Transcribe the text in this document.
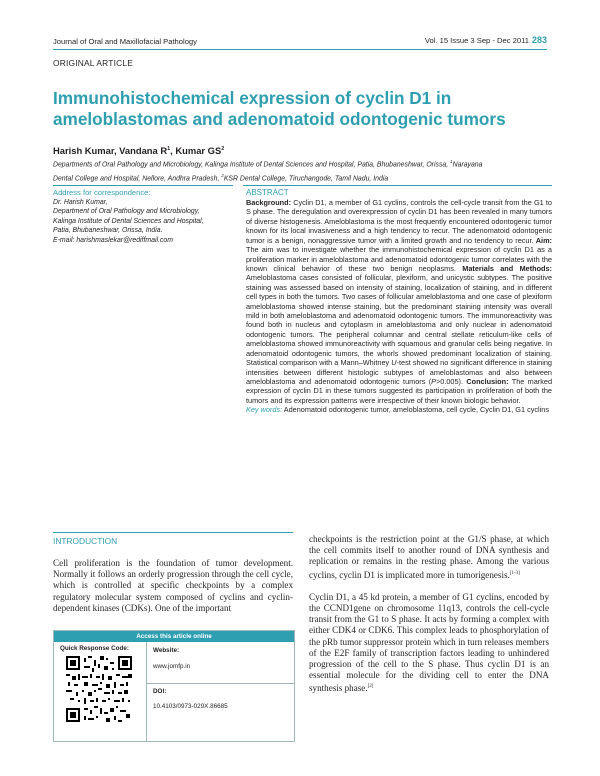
Journal of Oral and Maxillofacial Pathology	Vol. 15 Issue 3 Sep - Dec 2011 283
ORIGINAL ARTICLE
Immunohistochemical expression of cyclin D1 in
ameloblastomas and adenomatoid odontogenic tumors
Harish Kumar, Vandana $R^1$, Kumar $GS^2$
Departments of Oral Pathology and Microbiology, Kalinga Institute of Dental Sciences and Hospital, Patia, Bhubaneshwar, Orissa, $^1$Narayana
Dental College and Hospital, Nellore, Andhra Pradesh, $^2$KSR Dental College, Tiruchangode, Tamil Nadu, India
Address for correspondence:
Dr. Harish Kumar,
Department of Oral Pathology and Microbiology,
Kalinga Institute of Dental Sciences and Hospital,
Patia, Bhubaneshwar, Orissa, India.
E-mail: harishmaslekar@rediffmail.com
ABSTRACT
Background: Cyclin D1, a member of G1 cyclins, controls the cell-cycle transit from the G1 to S phase. The deregulation and overexpression of cyclin D1 has been revealed in many tumors of diverse histogenesis. Ameloblastoma is the most frequently encountered odontogenic tumor known for its local invasiveness and a high tendency to recur. The adenomatoid odontogenic tumor is a benign, nonaggressive tumor with a limited growth and no tendency to recur. Aim: The aim was to investigate whether the immunohistochemical expression of cyclin D1 as a proliferation marker in ameloblastoma and adenomatoid odontogenic tumor correlates with the known clinical behavior of these two benign neoplasms. Materials and Methods: Ameloblastoma cases consisted of follicular, plexiform, and unicystic subtypes. The positive staining was assessed based on intensity of staining, localization of staining, and in different cell types in both the tumors. Two cases of follicular ameloblastoma and one case of plexiform ameloblastoma showed intense staining, but the predominant staining intensity was overall mild in both ameloblastoma and adenomatoid odontogenic tumors. The immunoreactivity was found both in nucleus and cytoplasm in ameloblastoma and only nuclear in adenomatoid odontogenic tumors. The peripheral columnar and central stellate reticulum-like cells of ameloblastoma showed immunoreactivity with squamous and granular cells being negative. In adenomatoid odontogenic tumors, the whorls showed predominant localization of staining. Statistical comparison with a Mann–Whitney U-test showed no significant difference in staining intensities between different histologic subtypes of ameloblastomas and also between ameloblastoma and adenomatoid odontogenic tumors (P>0.005). Conclusion: The marked expression of cyclin D1 in these tumors suggested its participation in proliferation of both the tumors and its expression patterns were irrespective of their known biologic behavior.
Key words: Adenomatoid odontogenic tumor, ameloblastoma, cell cycle, Cyclin D1, G1 cyclins
INTRODUCTION

Cell proliferation is the foundation of tumor development. Normally it follows an orderly progression through the cell cycle, which is controlled at specific checkpoints by a complex regulatory molecular system composed of cyclins and cyclin-dependent kinases (CDKs). One of the important

checkpoints is the restriction point at the G1/S phase, at which the cell commits itself to another round of DNA synthesis and replication or remains in the resting phase. Among the various cyclins, cyclin D1 is implicated more in tumorigenesis.[1-3]

Cyclin D1, a 45 kd protein, a member of G1 cyclins, encoded by the CCND1gene on chromosome 11q13, controls the cell-cycle transit from the G1 to S phase. It acts by forming a complex with either CDK4 or CDK6. This complex leads to phosphorylation of the pRb tumor suppressor protein which in turn releases members of the E2F family of transcription factors leading to unhindered progression of the cell to the S phase. Thus cyclin D1 is an essential molecule for the dividing cell to enter the DNA synthesis phase.[2]

Access this article online
Quick Response Code:	Website:
www.jomfp.in
DOI:
10.4103/0973-029X.86685
